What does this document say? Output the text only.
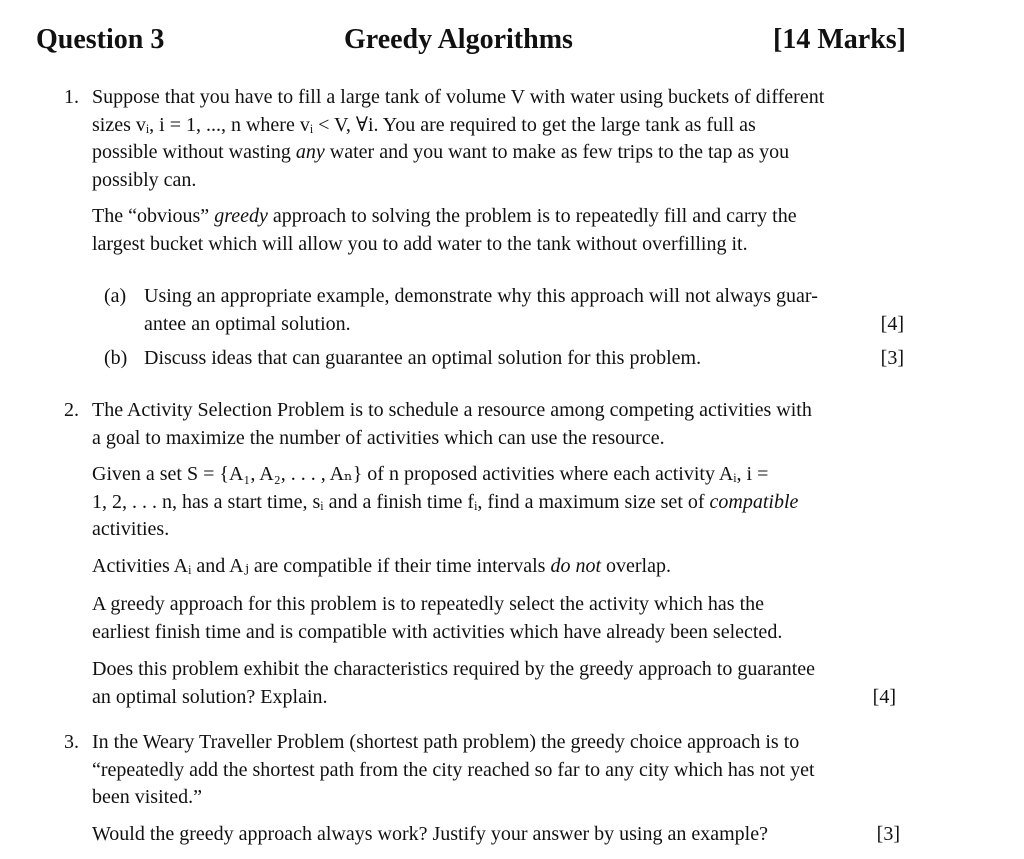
Question 3	Greedy Algorithms	[14 Marks]
1. Suppose that you have to fill a large tank of volume V with water using buckets of different
sizes vᵢ, i = 1, ..., n where vᵢ < V, ∀i. You are required to get the large tank as full as
possible without wasting any water and you want to make as few trips to the tap as you
possibly can.
The “obvious” greedy approach to solving the problem is to repeatedly fill and carry the
largest bucket which will allow you to add water to the tank without overfilling it.
(a) Using an appropriate example, demonstrate why this approach will not always guar-
antee an optimal solution.	[4]
(b) Discuss ideas that can guarantee an optimal solution for this problem.	[3]
2. The Activity Selection Problem is to schedule a resource among competing activities with
a goal to maximize the number of activities which can use the resource.
Given a set S = {A₁, A₂, . . . , Aₙ} of n proposed activities where each activity Aᵢ, i =
1, 2, . . . n, has a start time, sᵢ and a finish time fᵢ, find a maximum size set of compatible
activities.
Activities Aᵢ and Aⱼ are compatible if their time intervals do not overlap.
A greedy approach for this problem is to repeatedly select the activity which has the
earliest finish time and is compatible with activities which have already been selected.
Does this problem exhibit the characteristics required by the greedy approach to guarantee
an optimal solution? Explain.	[4]
3. In the Weary Traveller Problem (shortest path problem) the greedy choice approach is to
“repeatedly add the shortest path from the city reached so far to any city which has not yet
been visited.”
Would the greedy approach always work? Justify your answer by using an example?	[3]
